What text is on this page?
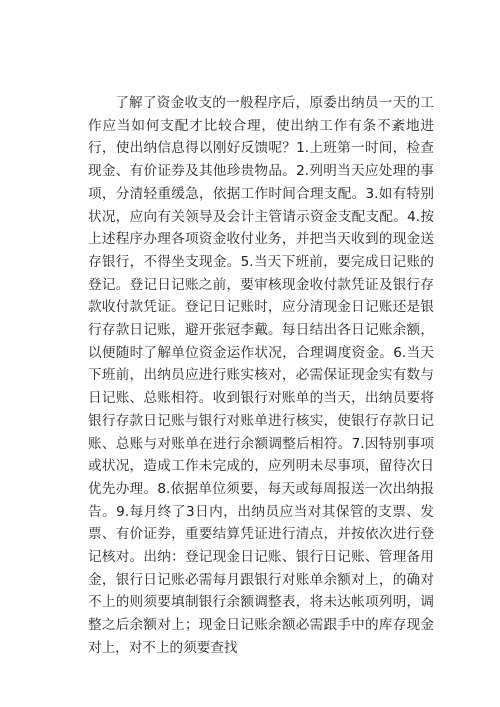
了解了资金收支的一般程序后，原委出纳员一天的工作应当如何支配才比较合理，使出纳工作有条不紊地进行，使出纳信息得以刚好反馈呢？1.上班第一时间，检查现金、有价证券及其他珍贵物品。2.列明当天应处理的事项，分清轻重缓急，依据工作时间合理支配。3.如有特别状况，应向有关领导及会计主管请示资金支配支配。4.按上述程序办理各项资金收付业务，并把当天收到的现金送存银行，不得坐支现金。5.当天下班前，要完成日记账的登记。登记日记账之前，要审核现金收付款凭证及银行存款收付款凭证。登记日记账时，应分清现金日记账还是银行存款日记账，避开张冠李戴。每日结出各日记账余额，以便随时了解单位资金运作状况，合理调度资金。6.当天下班前，出纳员应进行账实核对，必需保证现金实有数与日记账、总账相符。收到银行对账单的当天，出纳员要将银行存款日记账与银行对账单进行核实，使银行存款日记账、总账与对账单在进行余额调整后相符。7.因特别事项或状况，造成工作未完成的，应列明未尽事项，留待次日优先办理。8.依据单位须要，每天或每周报送一次出纳报告。9.每月终了3日内，出纳员应当对其保管的支票、发票、有价证券，重要结算凭证进行清点，并按依次进行登记核对。出纳：登记现金日记账、银行日记账、管理备用金，银行日记账必需每月跟银行对账单余额对上，的确对不上的则须要填制银行余额调整表，将未达帐项列明，调整之后余额对上；现金日记账余额必需跟手中的库存现金对上，对不上的须要查找
